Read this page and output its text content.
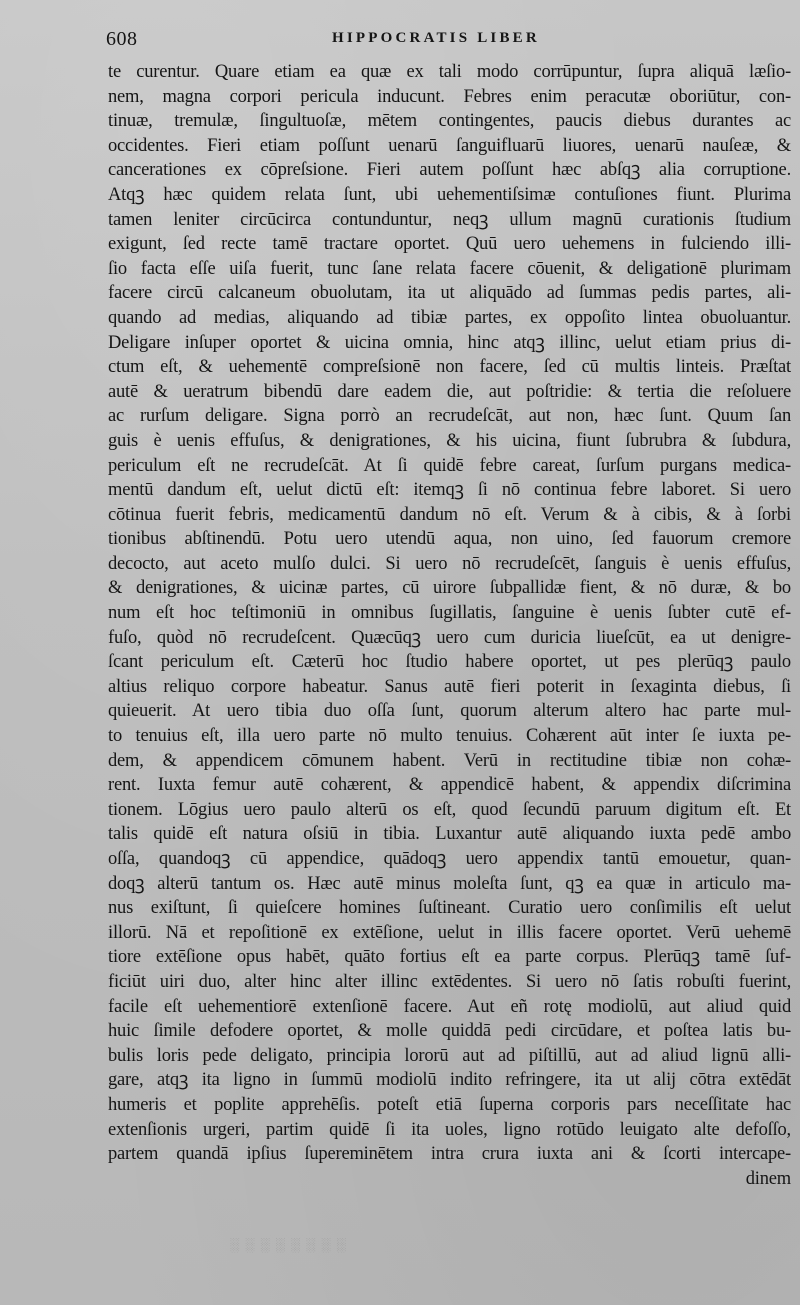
608	HIPPOCRATIS LIBER
te curentur. Quare etiam ea quæ ex tali modo corrūpuntur, ſupra aliquā læſio-
nem, magna corpori pericula inducunt. Febres enim peracutæ oboriūtur, con-
tinuæ, tremulæ, ſingultuoſæ, mētem contingentes, paucis diebus durantes ac
occidentes. Fieri etiam poſſunt uenarū ſanguifluarū liuores, uenarū nauſeæ, &
cancerationes ex cōpreſsione. Fieri autem poſſunt hæc abſqꝫ alia corruptione.
Atqꝫ hæc quidem relata ſunt, ubi uehementiſsimæ contuſiones fiunt. Plurima
tamen leniter circūcirca contunduntur, neqꝫ ullum magnū curationis ſtudium
exigunt, ſed recte tamē tractare oportet. Quū uero uehemens in fulciendo illi-
ſio facta eſſe uiſa fuerit, tunc ſane relata facere cōuenit, & deligationē plurimam
facere circū calcaneum obuolutam, ita ut aliquādo ad ſummas pedis partes, ali-
quando ad medias, aliquando ad tibiæ partes, ex oppoſito lintea obuoluantur.
Deligare inſuper oportet & uicina omnia, hinc atqꝫ illinc, uelut etiam prius di-
ctum eſt, & uehementē compreſsionē non facere, ſed cū multis linteis. Præſtat
autē & ueratrum bibendū dare eadem die, aut poſtridie: & tertia die reſoluere
ac rurſum deligare. Signa porrò an recrudeſcāt, aut non, hæc ſunt. Quum ſan
guis è uenis effuſus, & denigrationes, & his uicina, fiunt ſubrubra & ſubdura,
periculum eſt ne recrudeſcāt. At ſi quidē febre careat, ſurſum purgans medica-
mentū dandum eſt, uelut dictū eſt: itemqꝫ ſi nō continua febre laboret. Si uero
cōtinua fuerit febris, medicamentū dandum nō eſt. Verum & à cibis, & à ſorbi
tionibus abſtinendū. Potu uero utendū aqua, non uino, ſed fauorum cremore
decocto, aut aceto mulſo dulci. Si uero nō recrudeſcēt, ſanguis è uenis effuſus,
& denigrationes, & uicinæ partes, cū uirore ſubpallidæ fient, & nō duræ, & bo
num eſt hoc teſtimoniū in omnibus ſugillatis, ſanguine è uenis ſubter cutē ef-
fuſo, quòd nō recrudeſcent. Quæcūqꝫ uero cum duricia liueſcūt, ea ut denigre-
ſcant periculum eſt. Cæterū hoc ſtudio habere oportet, ut pes plerūqꝫ paulo
altius reliquo corpore habeatur. Sanus autē fieri poterit in ſexaginta diebus, ſi
quieuerit. At uero tibia duo oſſa ſunt, quorum alterum altero hac parte mul-
to tenuius eſt, illa uero parte nō multo tenuius. Cohærent aūt inter ſe iuxta pe-
dem, & appendicem cōmunem habent. Verū in rectitudine tibiæ non cohæ-
rent. Iuxta femur autē cohærent, & appendicē habent, & appendix diſcrimina
tionem. Lōgius uero paulo alterū os eſt, quod ſecundū paruum digitum eſt. Et
talis quidē eſt natura oſsiū in tibia. Luxantur autē aliquando iuxta pedē ambo
oſſa, quandoqꝫ cū appendice, quādoqꝫ uero appendix tantū emouetur, quan-
doqꝫ alterū tantum os. Hæc autē minus moleſta ſunt, qꝫ ea quæ in articulo ma-
nus exiſtunt, ſi quieſcere homines ſuſtineant. Curatio uero conſimilis eſt uelut
illorū. Nā et repoſitionē ex extēſione, uelut in illis facere oportet. Verū uehemē
tiore extēſione opus habēt, quāto fortius eſt ea parte corpus. Plerūqꝫ tamē ſuf-
ficiūt uiri duo, alter hinc alter illinc extēdentes. Si uero nō ſatis robuſti fuerint,
facile eſt uehementiorē extenſionē facere. Aut eñ rotę modiolū, aut aliud quid
huic ſimile defodere oportet, & molle quiddā pedi circūdare, et poſtea latis bu-
bulis loris pede deligato, principia lororū aut ad piſtillū, aut ad aliud lignū alli-
gare, atqꝫ ita ligno in ſummū modiolū indito refringere, ita ut alij cōtra extēdāt
humeris et poplite apprehēſis. poteſt etiā ſuperna corporis pars neceſſitate hac
extenſionis urgeri, partim quidē ſi ita uoles, ligno rotūdo leuigato alte defoſſo,
partem quandā ipſius ſupereminētem intra crura iuxta ani & ſcorti intercape-
dinem
░░░░░░░░
